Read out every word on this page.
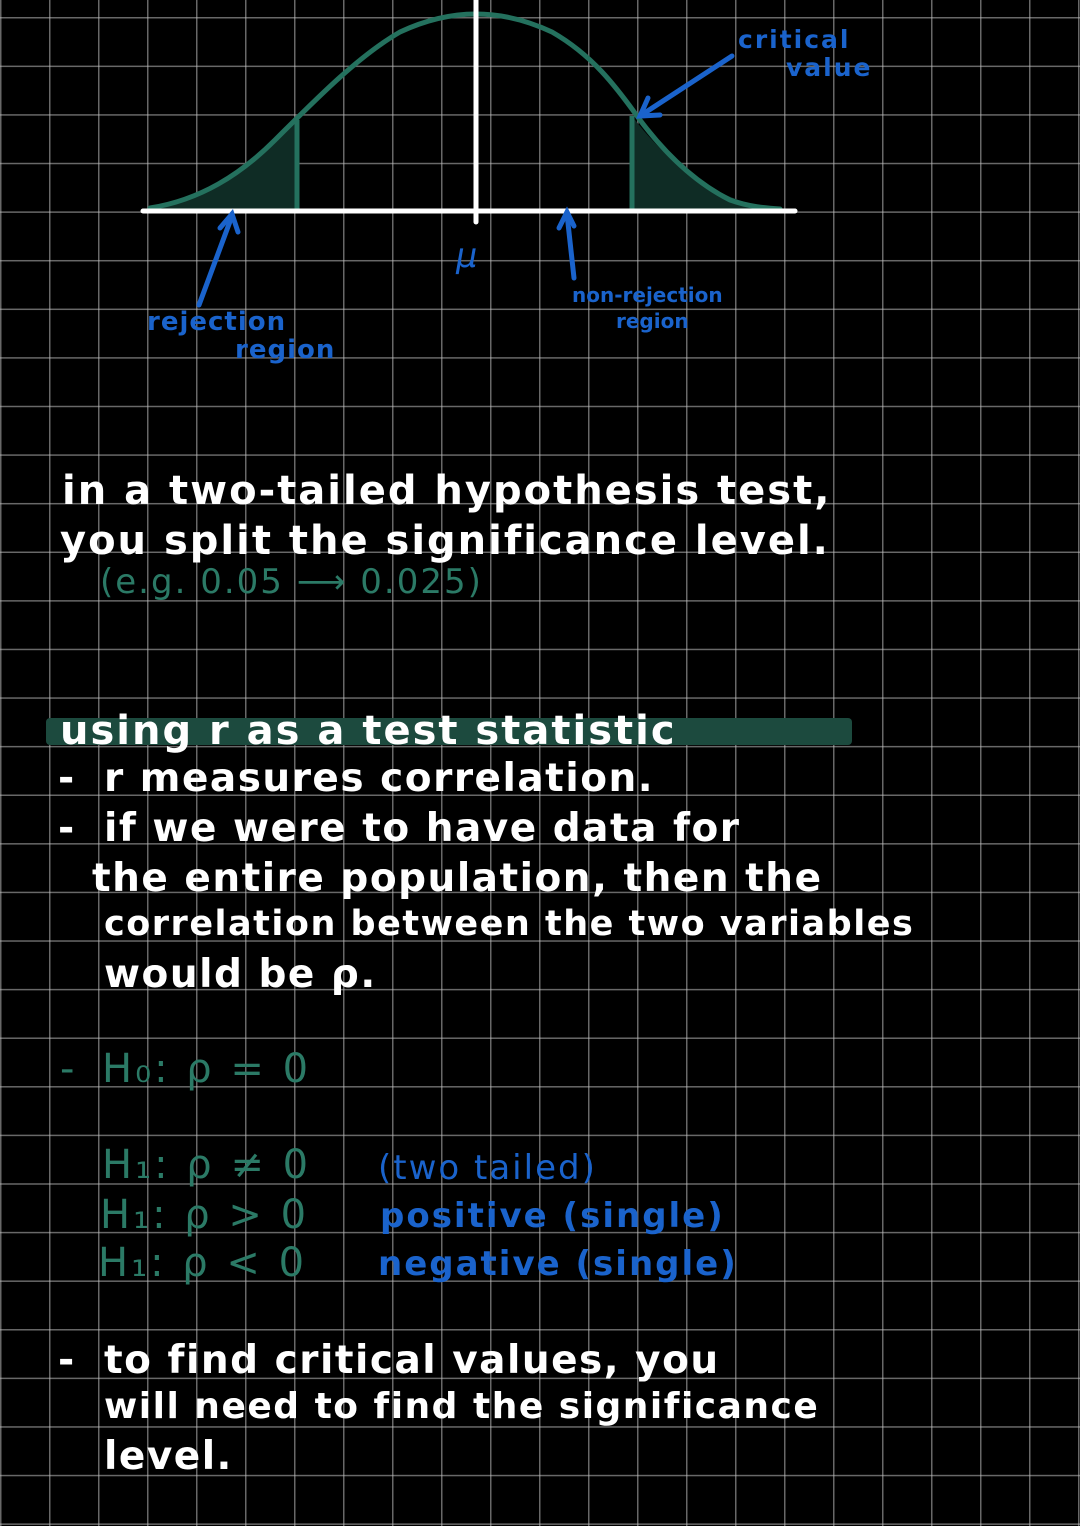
μ
critical
value
rejection
region
non-rejection
region
in a two-tailed hypothesis test,
you split the significance level.
(e.g. 0.05 ⟶ 0.025)
using r as a test statistic
- r measures correlation.
- if we were to have data for
the entire population, then the
correlation between the two variables
would be ρ.
- H₀: ρ = 0
H₁: ρ ≠ 0 (two tailed)
H₁: ρ > 0 positive (single)
H₁: ρ < 0 negative (single)
- to find critical values, you
will need to find the significance
level.
